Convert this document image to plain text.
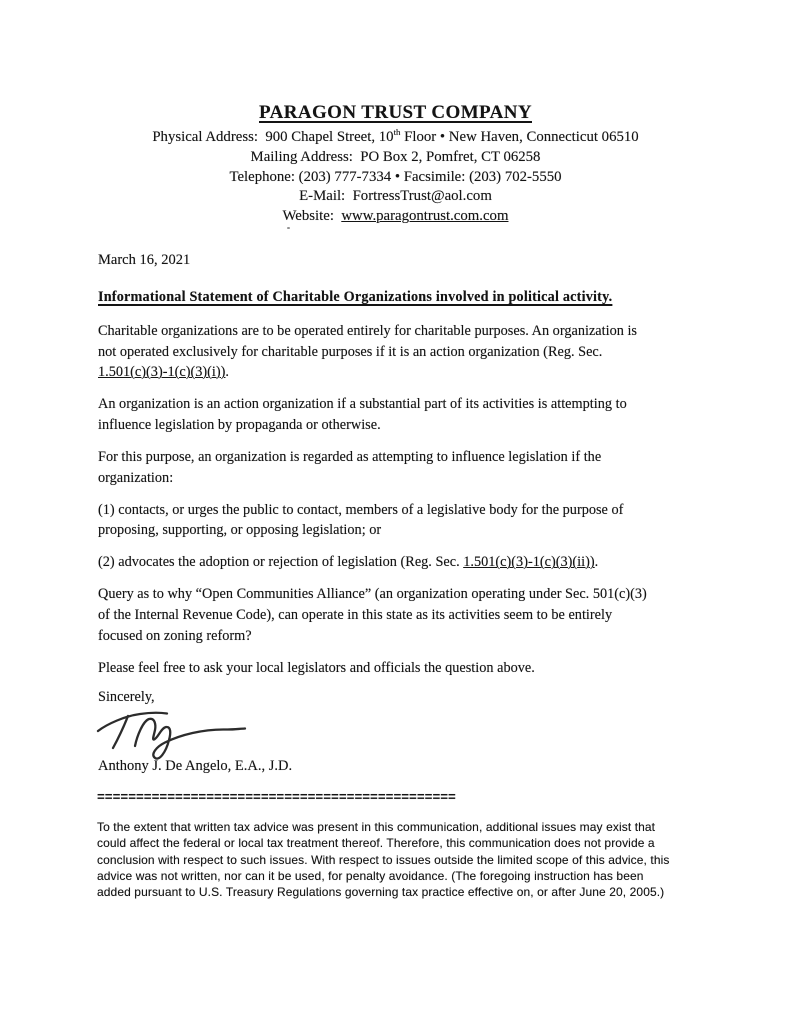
PARAGON TRUST COMPANY
Physical Address:  900 Chapel Street, 10th Floor • New Haven, Connecticut 06510
Mailing Address:  PO Box 2, Pomfret, CT 06258
Telephone: (203) 777-7334 • Facsimile: (203) 702-5550
E-Mail:  FortressTrust@aol.com
Website:  www.paragontrust.com.com
March 16, 2021
Informational Statement of Charitable Organizations involved in political activity.
Charitable organizations are to be operated entirely for charitable purposes. An organization is
not operated exclusively for charitable purposes if it is an action organization (Reg. Sec.
1.501(c)(3)-1(c)(3)(i)).
An organization is an action organization if a substantial part of its activities is attempting to
influence legislation by propaganda or otherwise.
For this purpose, an organization is regarded as attempting to influence legislation if the
organization:
(1) contacts, or urges the public to contact, members of a legislative body for the purpose of
proposing, supporting, or opposing legislation; or
(2) advocates the adoption or rejection of legislation (Reg. Sec. 1.501(c)(3)-1(c)(3)(ii)).
Query as to why “Open Communities Alliance” (an organization operating under Sec. 501(c)(3)
of the Internal Revenue Code), can operate in this state as its activities seem to be entirely
focused on zoning reform?
Please feel free to ask your local legislators and officials the question above.
Sincerely,
Anthony J. De Angelo, E.A., J.D.
==============================================
To the extent that written tax advice was present in this communication, additional issues may exist that
could affect the federal or local tax treatment thereof. Therefore, this communication does not provide a
conclusion with respect to such issues. With respect to issues outside the limited scope of this advice, this
advice was not written, nor can it be used, for penalty avoidance. (The foregoing instruction has been
added pursuant to U.S. Treasury Regulations governing tax practice effective on, or after June 20, 2005.)
